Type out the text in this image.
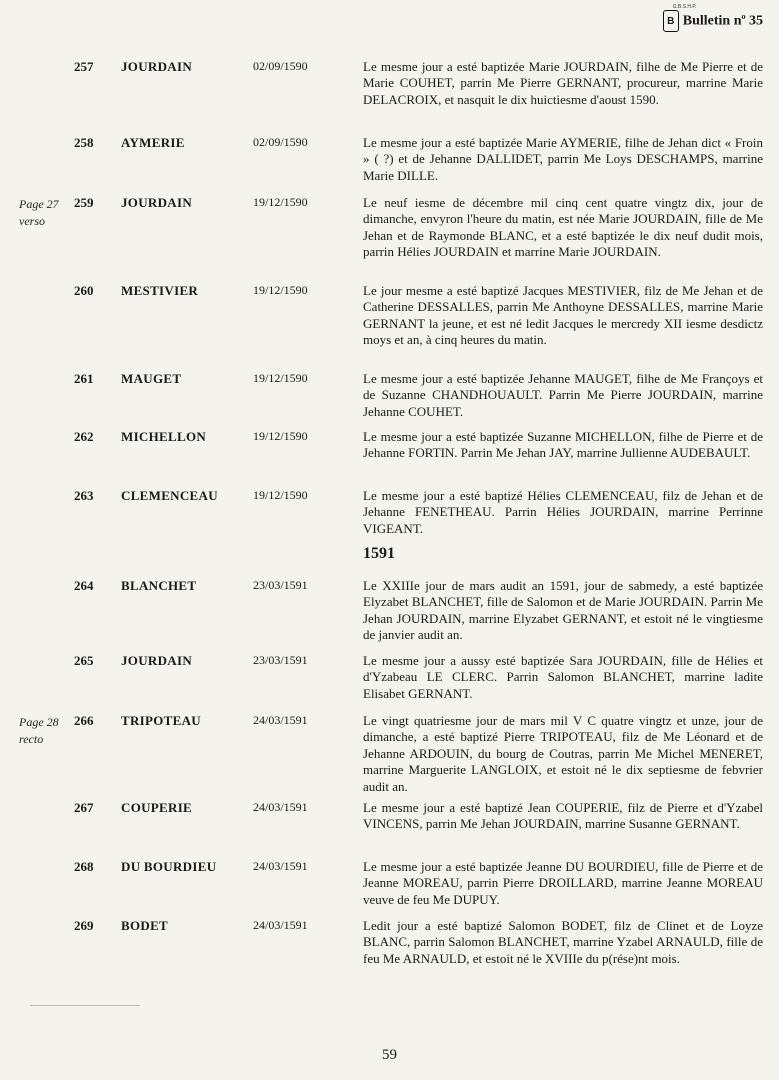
Ω.B.S.H.P.
B Bulletin $n^o$ 35
257 JOURDAIN	02/09/1590	Le mesme jour a esté baptizée Marie JOURDAIN, filhe de Me Pierre et de Marie COUHET, parrin Me Pierre GERNANT, procureur, marrine Marie DELACROIX, et nasquit le dix huictiesme d'aoust 1590.
258 AYMERIE	02/09/1590	Le mesme jour a esté baptizée Marie AYMERIE, filhe de Jehan dict « Froin » ( ?) et de Jehanne DALLIDET, parrin Me Loys DESCHAMPS, marrine Marie DILLE.
Page 27
verso
259 JOURDAIN	19/12/1590	Le neuf iesme de décembre mil cinq cent quatre vingtz dix, jour de dimanche, envyron l'heure du matin, est née Marie JOURDAIN, fille de Me Jehan et de Raymonde BLANC, et a esté baptizée le dix neuf dudit mois, parrin Hélies JOURDAIN et marrine Marie JOURDAIN.
260 MESTIVIER	19/12/1590	Le jour mesme a esté baptizé Jacques MESTIVIER, filz de Me Jehan et de Catherine DESSALLES, parrin Me Anthoyne DESSALLES, marrine Marie GERNANT la jeune, et est né ledit Jacques le mercredy XII iesme desdictz moys et an, à cinq heures du matin.
261 MAUGET	19/12/1590	Le mesme jour a esté baptizée Jehanne MAUGET, filhe de Me Françoys et de Suzanne CHANDHOUAULT. Parrin Me Pierre JOURDAIN, marrine Jehanne COUHET.
262 MICHELLON	19/12/1590	Le mesme jour a esté baptizée Suzanne MICHELLON, filhe de Pierre et de Jehanne FORTIN. Parrin Me Jehan JAY, marrine Jullienne AUDEBAULT.
263 CLEMENCEAU	19/12/1590	Le mesme jour a esté baptizé Hélies CLEMENCEAU, filz de Jehan et de Jehanne FENETHEAU. Parrin Hélies JOURDAIN, marrine Perrinne VIGEANT.
264 BLANCHET	23/03/1591	Le XXIIIe jour de mars audit an 1591, jour de sabmedy, a esté baptizée Elyzabet BLANCHET, fille de Salomon et de Marie JOURDAIN. Parrin Me Jehan JOURDAIN, marrine Elyzabet GERNANT, et estoit né le vingtiesme de janvier audit an.
265 JOURDAIN	23/03/1591	Le mesme jour a aussy esté baptizée Sara JOURDAIN, fille de Hélies et d'Yzabeau LE CLERC. Parrin Salomon BLANCHET, marrine ladite Elisabet GERNANT.
Page 28
recto
266 TRIPOTEAU	24/03/1591	Le vingt quatriesme jour de mars mil V C quatre vingtz et unze, jour de dimanche, a esté baptizé Pierre TRIPOTEAU, filz de Me Léonard et de Jehanne ARDOUIN, du bourg de Coutras, parrin Me Michel MENERET, marrine Marguerite LANGLOIX, et estoit né le dix septiesme de febvrier audit an.
267 COUPERIE	24/03/1591	Le mesme jour a esté baptizé Jean COUPERIE, filz de Pierre et d'Yzabel VINCENS, parrin Me Jehan JOURDAIN, marrine Susanne GERNANT.
268 DU BOURDIEU	24/03/1591	Le mesme jour a esté baptizée Jeanne DU BOURDIEU, fille de Pierre et de Jeanne MOREAU, parrin Pierre DROILLARD, marrine Jeanne MOREAU veuve de feu Me DUPUY.
269 BODET	24/03/1591	Ledit jour a esté baptizé Salomon BODET, filz de Clinet et de Loyze BLANC, parrin Salomon BLANCHET, marrine Yzabel ARNAULD, fille de feu Me ARNAULD, et estoit né le XVIIIe du p(rése)nt mois.
1591
59
